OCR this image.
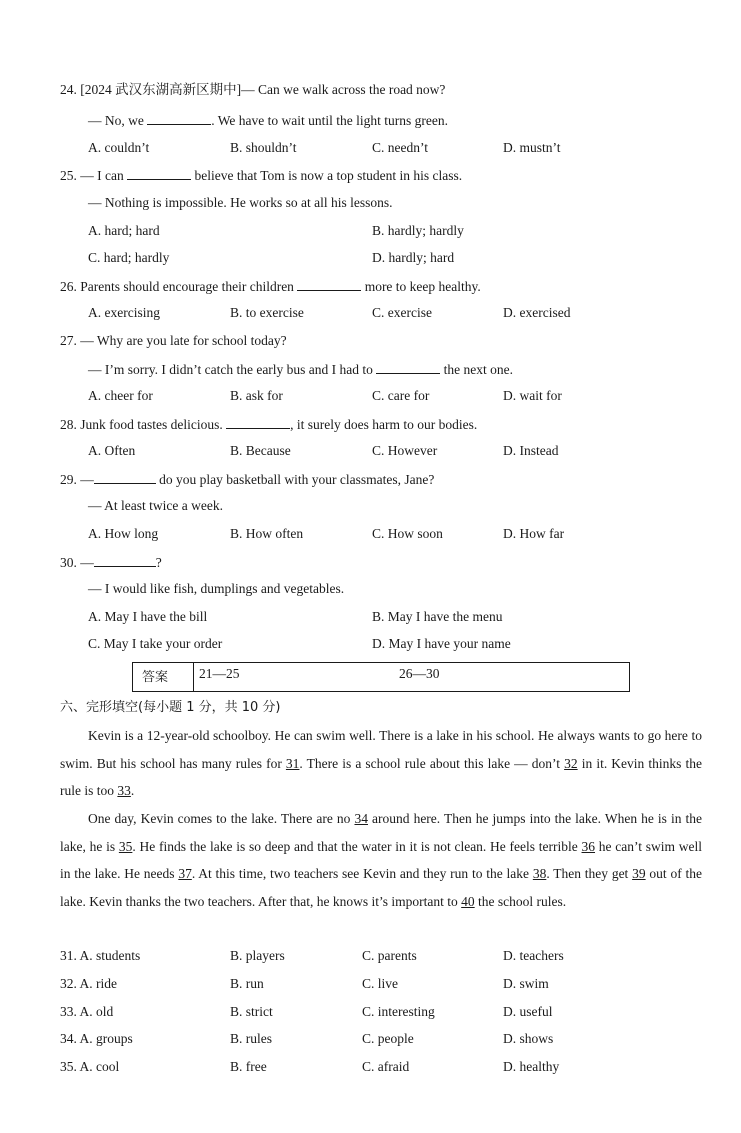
24. [2024 武汉东湖高新区期中]— Can we walk across the road now?
— No, we	. We have to wait until the light turns green.
A. couldn’t	B. shouldn’t	C. needn’t	D. mustn’t
25. — I can	believe that Tom is now a top student in his class.
— Nothing is impossible. He works so at all his lessons.
A. hard; hard	B. hardly; hardly
C. hard; hardly	D. hardly; hard
26. Parents should encourage their children	more to keep healthy.
A. exercising	B. to exercise	C. exercise	D. exercised
27. — Why are you late for school today?
— I’m sorry. I didn’t catch the early bus and I had to	the next one.
A. cheer for	B. ask for	C. care for	D. wait for
28. Junk food tastes delicious.	, it surely does harm to our bodies.
A. Often	B. Because	C. However	D. Instead
29. —	do you play basketball with your classmates, Jane?
— At least twice a week.
A. How long	B. How often	C. How soon	D. How far
30. —	?
— I would like fish, dumplings and vegetables.
A. May I have the bill	B. May I have the menu
C. May I take your order	D. May I have your name
答案 21—25	26—30
六、完形填空(每小题 1 分，共 10 分)
Kevin is a 12-year-old schoolboy. He can swim well. There is a lake in his school. He always wants to go here to swim. But his school has many rules for 31. There is a school rule about this lake — don’t 32 in it. Kevin thinks the rule is too 33.
One day, Kevin comes to the lake. There are no 34 around here. Then he jumps into the lake. When he is in the lake, he is 35. He finds the lake is so deep and that the water in it is not clean. He feels terrible 36 he can’t swim well in the lake. He needs 37. At this time, two teachers see Kevin and they run to the lake 38. Then they get 39 out of the lake. Kevin thanks the two teachers. After that, he knows it’s important to 40 the school rules.
31. A. students	B. players	C. parents	D. teachers
32. A. ride	B. run	C. live	D. swim
33. A. old	B. strict	C. interesting	D. useful
34. A. groups	B. rules	C. people	D. shows
35. A. cool	B. free	C. afraid	D. healthy
